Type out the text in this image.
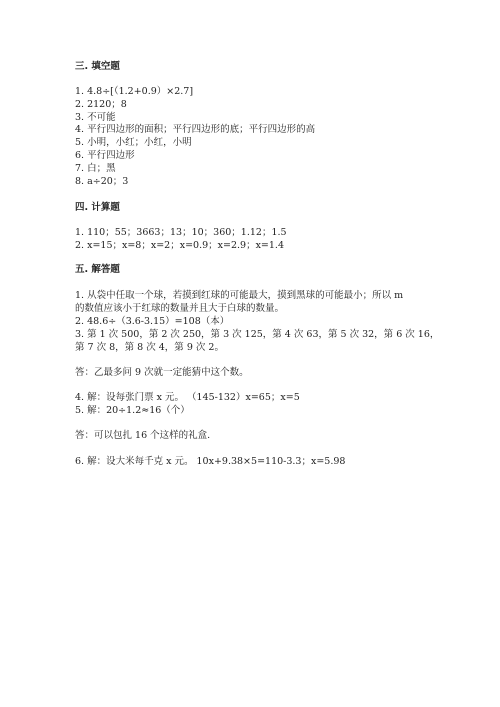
三. 填空题
1. 4.8÷[（1.2+0.9）×2.7]
2. 2120；8
3. 不可能
4. 平行四边形的面积；平行四边形的底；平行四边形的高
5. 小明，小红；小红，小明
6. 平行四边形
7. 白；黑
8. a÷20；3
四. 计算题
1. 110；55；3663；13；10；360；1.12；1.5
2. x=15；x=8；x=2；x=0.9；x=2.9；x=1.4
五. 解答题
1. 从袋中任取一个球，若摸到红球的可能最大，摸到黑球的可能最小；所以 m
的数值应该小于红球的数量并且大于白球的数量。
2. 48.6÷（3.6-3.15）=108（本）
3. 第 1 次 500，第 2 次 250，第 3 次 125，第 4 次 63，第 5 次 32，第 6 次 16，
第 7 次 8，第 8 次 4，第 9 次 2。
答：乙最多问 9 次就一定能猜中这个数。
4. 解：设每张门票 x 元。 （145-132）x=65；x=5
5. 解：20÷1.2≈16（个）
答：可以包扎 16 个这样的礼盒.
6. 解：设大米每千克 x 元。 10x+9.38×5=110-3.3；x=5.98
